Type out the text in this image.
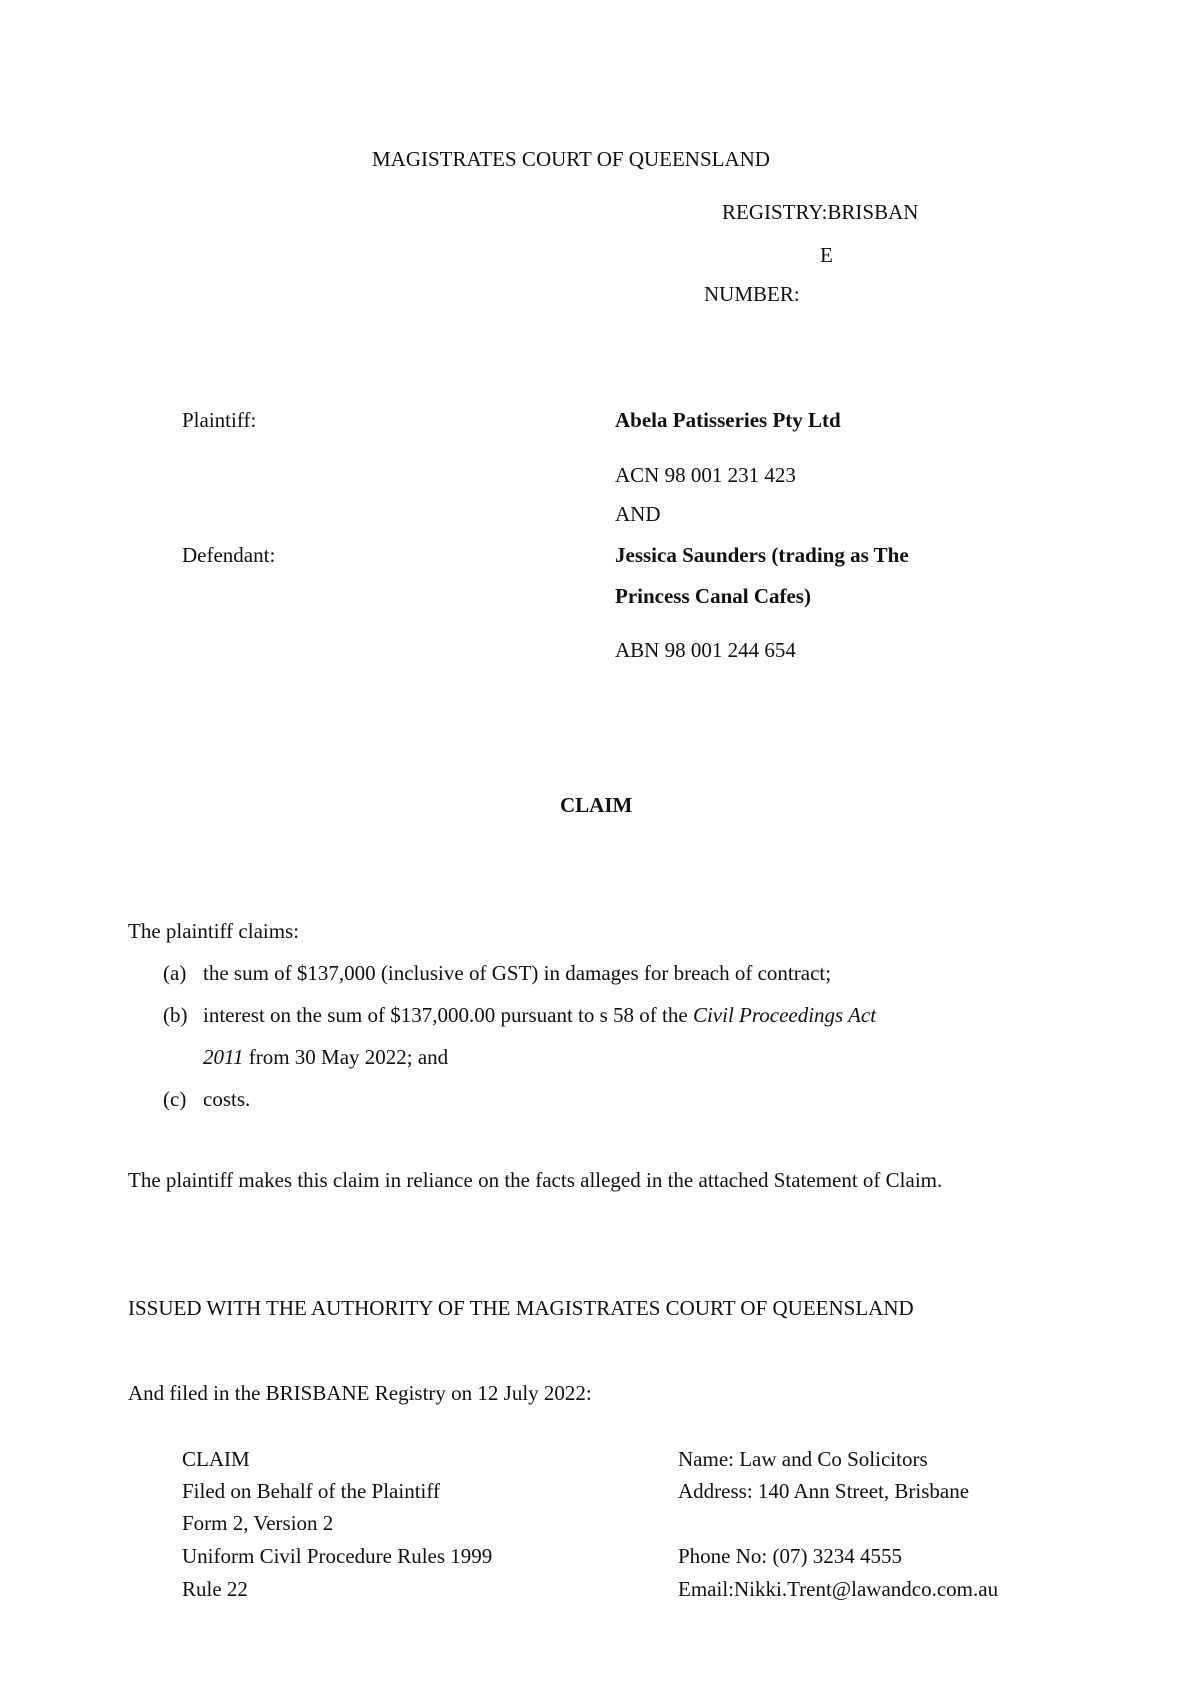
MAGISTRATES COURT OF QUEENSLAND
REGISTRY:BRISBAN
E
NUMBER:
Plaintiff:	Abela Patisseries Pty Ltd
ACN 98 001 231 423
AND
Defendant:	Jessica Saunders (trading as The
Princess Canal Cafes)
ABN 98 001 244 654
CLAIM
The plaintiff claims:
(a) the sum of $137,000 (inclusive of GST) in damages for breach of contract;
(b) interest on the sum of $137,000.00 pursuant to s 58 of the Civil Proceedings Act
2011 from 30 May 2022; and
(c) costs.
The plaintiff makes this claim in reliance on the facts alleged in the attached Statement of Claim.
ISSUED WITH THE AUTHORITY OF THE MAGISTRATES COURT OF QUEENSLAND
And filed in the BRISBANE Registry on 12 July 2022:
CLAIM
Filed on Behalf of the Plaintiff
Form 2, Version 2
Uniform Civil Procedure Rules 1999
Rule 22
Name: Law and Co Solicitors
Address: 140 Ann Street, Brisbane
Phone No: (07) 3234 4555
Email:Nikki.Trent@lawandco.com.au
